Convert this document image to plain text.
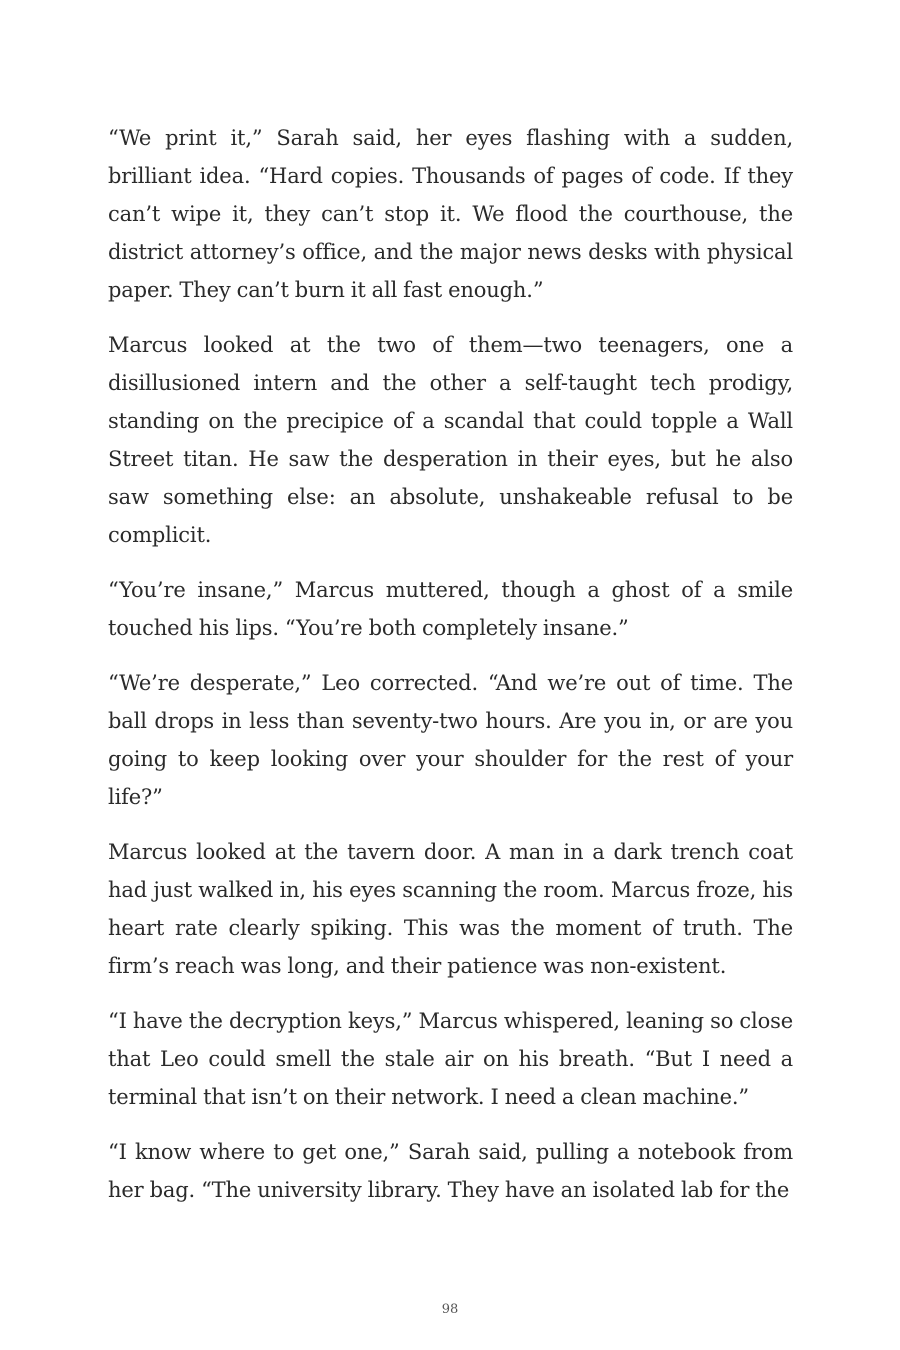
“We print it,” Sarah said, her eyes flashing with a sudden, brilliant idea. “Hard copies. Thousands of pages of code. If they can’t wipe it, they can’t stop it. We flood the courthouse, the district attorney’s office, and the major news desks with physical paper. They can’t burn it all fast enough.”

Marcus looked at the two of them—two teenagers, one a disillusioned intern and the other a self-taught tech prodigy, standing on the precipice of a scandal that could topple a Wall Street titan. He saw the desperation in their eyes, but he also saw something else: an absolute, unshakeable refusal to be complicit.

“You’re insane,” Marcus muttered, though a ghost of a smile touched his lips. “You’re both completely insane.”

“We’re desperate,” Leo corrected. “And we’re out of time. The ball drops in less than seventy-two hours. Are you in, or are you going to keep looking over your shoulder for the rest of your life?”

Marcus looked at the tavern door. A man in a dark trench coat had just walked in, his eyes scanning the room. Marcus froze, his heart rate clearly spiking. This was the moment of truth. The firm’s reach was long, and their patience was non-existent.

“I have the decryption keys,” Marcus whispered, leaning so close that Leo could smell the stale air on his breath. “But I need a terminal that isn’t on their network. I need a clean machine.”

“I know where to get one,” Sarah said, pulling a notebook from her bag. “The university library. They have an isolated lab for the

98
